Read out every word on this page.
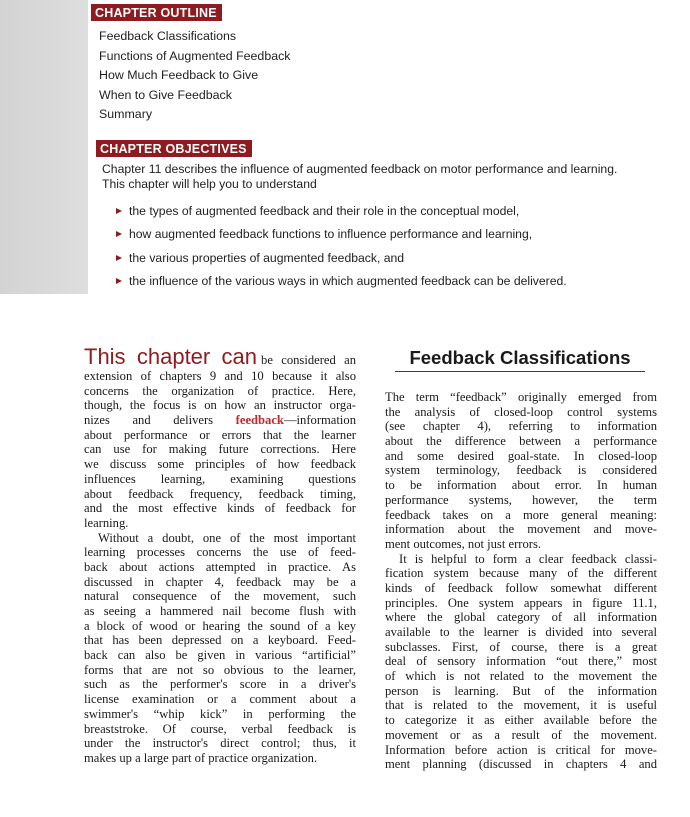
CHAPTER OUTLINE
Feedback Classifications
Functions of Augmented Feedback
How Much Feedback to Give
When to Give Feedback
Summary
CHAPTER OBJECTIVES

Chapter 11 describes the influence of augmented feedback on motor performance and learning.
This chapter will help you to understand

the types of augmented feedback and their role in the conceptual model,
how augmented feedback functions to influence performance and learning,
the various properties of augmented feedback, and
the influence of the various ways in which augmented feedback can be delivered.
This chapter can be considered an
extension of chapters 9 and 10 because it also
concerns the organization of practice. Here,
though, the focus is on how an instructor orga-
nizes and delivers feedback—information
about performance or errors that the learner
can use for making future corrections. Here
we discuss some principles of how feedback
influences learning, examining questions
about feedback frequency, feedback timing,
and the most effective kinds of feedback for
learning.
Without a doubt, one of the most important
learning processes concerns the use of feed-
back about actions attempted in practice. As
discussed in chapter 4, feedback may be a
natural consequence of the movement, such
as seeing a hammered nail become flush with
a block of wood or hearing the sound of a key
that has been depressed on a keyboard. Feed-
back can also be given in various “artificial”
forms that are not so obvious to the learner,
such as the performer's score in a driver's
license examination or a comment about a
swimmer's “whip kick” in performing the
breaststroke. Of course, verbal feedback is
under the instructor's direct control; thus, it
makes up a large part of practice organization.
Feedback Classifications
The term “feedback” originally emerged from
the analysis of closed-loop control systems
(see chapter 4), referring to information
about the difference between a performance
and some desired goal-state. In closed-loop
system terminology, feedback is considered
to be information about error. In human
performance systems, however, the term
feedback takes on a more general meaning:
information about the movement and move-
ment outcomes, not just errors.
It is helpful to form a clear feedback classi-
fication system because many of the different
kinds of feedback follow somewhat different
principles. One system appears in figure 11.1,
where the global category of all information
available to the learner is divided into several
subclasses. First, of course, there is a great
deal of sensory information “out there,” most
of which is not related to the movement the
person is learning. But of the information
that is related to the movement, it is useful
to categorize it as either available before the
movement or as a result of the movement.
Information before action is critical for move-
ment planning (discussed in chapters 4 and
